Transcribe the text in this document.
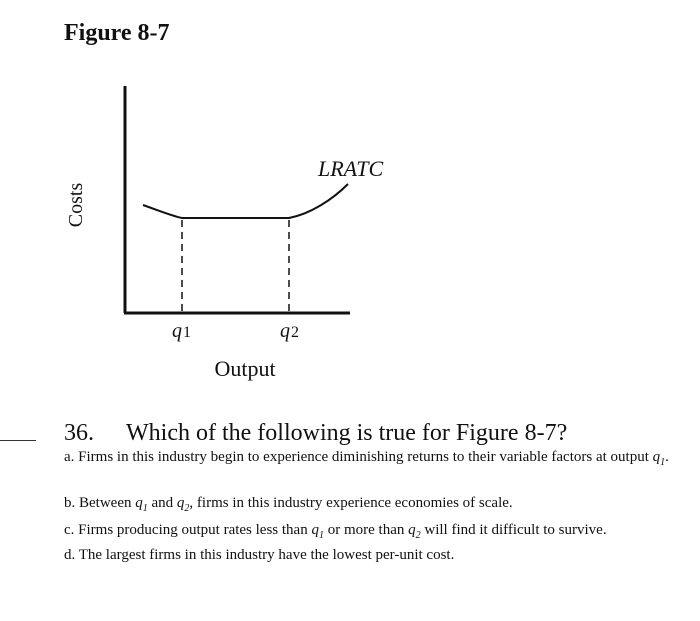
Figure 8-7
LRATC
Costs
Output
q1	q2
36. Which of the following is true for Figure 8-7?
a. Firms in this industry begin to experience diminishing returns to their variable factors at output $q_1$.
b. Between $q_1$ and $q_2$, firms in this industry experience economies of scale.
c. Firms producing output rates less than $q_1$ or more than $q_2$ will find it difficult to survive.
d. The largest firms in this industry have the lowest per-unit cost.
